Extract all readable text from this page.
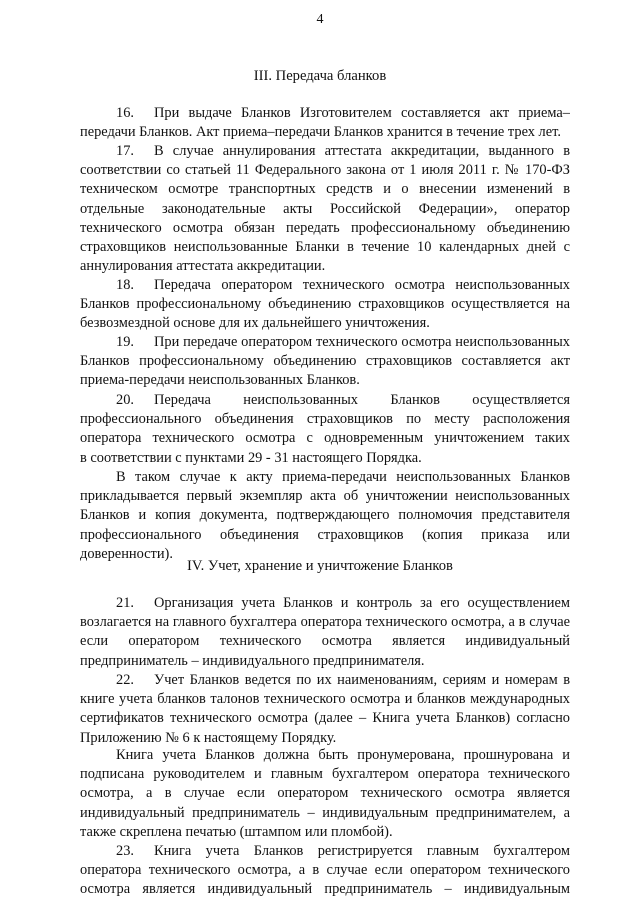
4
III. Передача бланков
16. При выдаче Бланков Изготовителем составляется акт приема–
передачи Бланков. Акт приема–передачи Бланков хранится в течение трех лет.
17. В случае аннулирования аттестата аккредитации, выданного в
соответствии со статьей 11 Федерального закона от 1 июля 2011 г. № 170-ФЗ
техническом осмотре транспортных средств и о внесении изменений в
отдельные законодательные акты Российской Федерации», оператор
технического осмотра обязан передать профессиональному объединению
страховщиков неиспользованные Бланки в течение 10 календарных дней с
аннулирования аттестата аккредитации.
18. Передача оператором технического осмотра неиспользованных
Бланков профессиональному объединению страховщиков осуществляется на
безвозмездной основе для их дальнейшего уничтожения.
19. При передаче оператором технического осмотра неиспользованных
Бланков профессиональному объединению страховщиков составляется акт
приема-передачи неиспользованных Бланков.
20. Передача неиспользованных Бланков осуществляется
профессионального объединения страховщиков по месту расположения
оператора технического осмотра с одновременным уничтожением таких
в соответствии с пунктами 29 - 31 настоящего Порядка.
В таком случае к акту приема-передачи неиспользованных Бланков
прикладывается первый экземпляр акта об уничтожении неиспользованных
Бланков и копия документа, подтверждающего полномочия представителя
профессионального объединения страховщиков (копия приказа или
доверенности).
IV. Учет, хранение и уничтожение Бланков
21. Организация учета Бланков и контроль за его осуществлением
возлагается на главного бухгалтера оператора технического осмотра, а в случае
если оператором технического осмотра является индивидуальный
предприниматель – индивидуального предпринимателя.
22. Учет Бланков ведется по их наименованиям, сериям и номерам в
книге учета бланков талонов технического осмотра и бланков международных
сертификатов технического осмотра (далее – Книга учета Бланков) согласно
Приложению № 6 к настоящему Порядку.
Книга учета Бланков должна быть пронумерована, прошнурована и
подписана руководителем и главным бухгалтером оператора технического
осмотра, а в случае если оператором технического осмотра является
индивидуальный предприниматель – индивидуальным предпринимателем, а
также скреплена печатью (штампом или пломбой).
23. Книга учета Бланков регистрируется главным бухгалтером
оператора технического осмотра, а в случае если оператором технического
осмотра является индивидуальный предприниматель – индивидуальным
